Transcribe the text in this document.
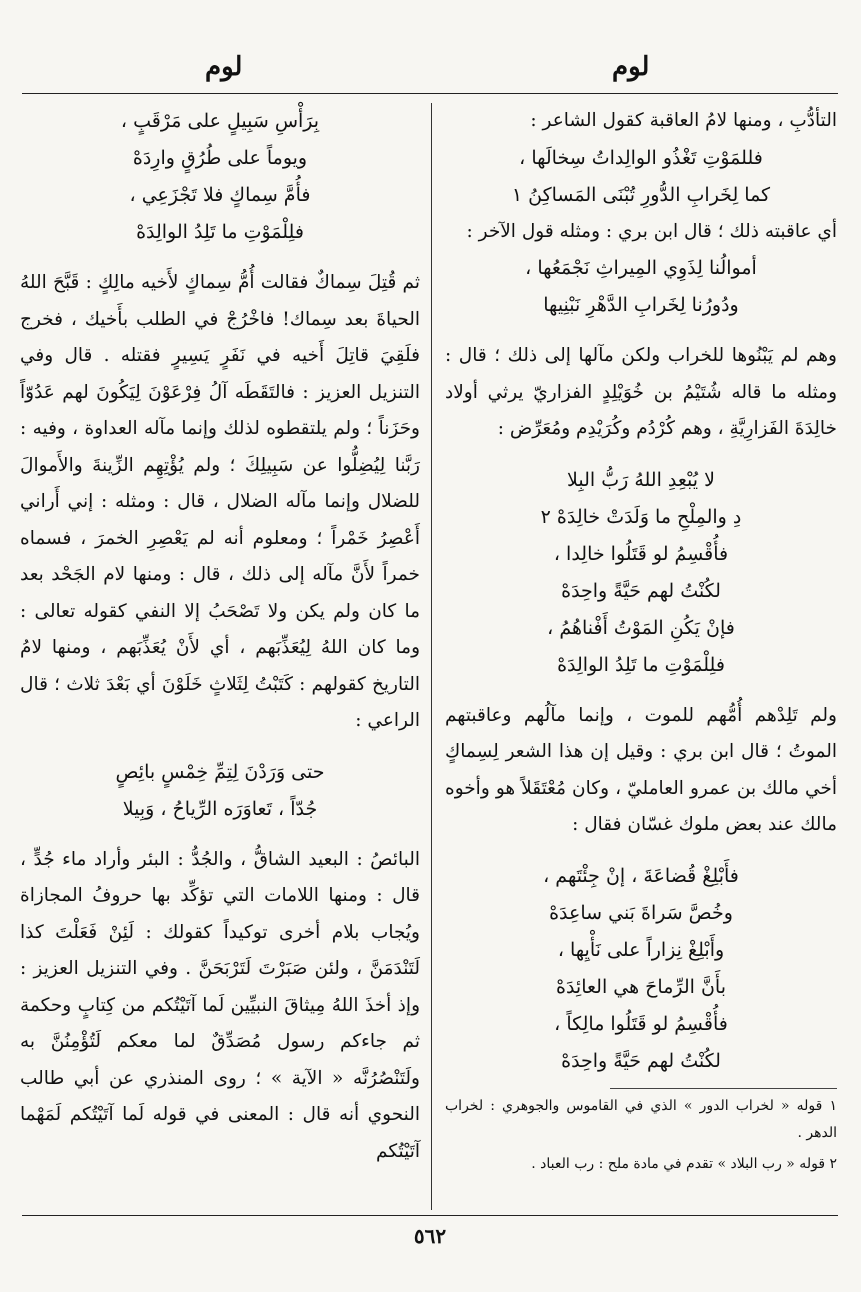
لوم
لوم

التأدُّبِ ، ومنها لامُ العاقبة كقول الشاعر :

فللمَوْتِ تَغْذُو الوالِداتُ سِخالَها ،
كما لِخَرابِ الدُّورِ تُبْنَى المَساكِنُ ١

أي عاقبته ذلك ؛ قال ابن بري : ومثله قول الآخر :

أموالُنا لِذَوِي المِيراثِ نَجْمَعُها ،
ودُورُنا لِخَرابِ الدَّهْرِ نَبْنِيها

وهم لم يَبْنُوها للخراب ولكن مآلها إلى ذلك ؛ قال : ومثله ما قاله شُتَيْمُ بن خُوَيْلِدٍ الفزاريّ يرثي أولاد خالِدَةَ الفَزارِيَّةِ ، وهم كُرْدُم وكُرَيْدِم ومُعَرِّض :

لا يُبْعِدِ اللهُ رَبُّ البِلا
دِ والمِلْحِ ما وَلَدَتْ خالِدَهْ ٢
فأُقْسِمُ لو قَتَلُوا خالِدا ،
لكُنْتُ لهم حَيَّةً واحِدَهْ
فإنْ يَكُنِ المَوْتُ أَفْناهُمُ ،
فلِلْمَوْتِ ما تَلِدُ الوالِدَهْ

ولم تَلِدْهم أُمُّهم للموت ، وإنما مآلُهم وعاقبتهم الموتُ ؛ قال ابن بري : وقيل إن هذا الشعر لِسِماكٍ أخي مالك بن عمرو العامليّ ، وكان مُعْتَقَلاً هو وأخوه مالك عند بعض ملوك غسّان فقال :

فأَبْلِغْ قُضاعَةَ ، إنْ جِئْتَهم ،
وخُصَّ سَراةَ بَني ساعِدَهْ
وأَبْلِغْ نِزاراً على نَأْيِها ،
بأَنَّ الرِّماحَ هي العائِدَهْ
فأُقْسِمُ لو قَتَلُوا مالِكاً ،
لكُنْتُ لهم حَيَّةً واحِدَهْ
١ قوله « لخراب الدور » الذي في القاموس والجوهري : لخراب الدهر .
٢ قوله « رب البلاد » تقدم في مادة ملح : رب العباد .
بِرَأْسِ سَبِيلٍ على مَرْقَبٍ ،
ويوماً على طُرُقٍ وارِدَهْ
فأُمَّ سِماكٍ فلا تَجْزَعِي ،
فلِلْمَوْتِ ما تَلِدُ الوالِدَهْ

ثم قُتِلَ سِماكٌ فقالت أُمُّ سِماكٍ لأَخيه مالِكٍ : قَبَّحَ اللهُ الحياةَ بعد سِماك! فاخْرُجْ في الطلب بأَخيك ، فخرج فلَقِيَ قاتِلَ أَخيه في نَفَرٍ يَسِيرٍ فقتله . قال وفي التنزيل العزيز : فالتَقَطَه آلُ فِرْعَوْنَ لِيَكُونَ لهم عَدُوّاً وحَزَناً ؛ ولم يلتقطوه لذلك وإنما مآله العداوة ، وفيه : رَبَّنا لِيُضِلُّوا عن سَبِيلِكَ ؛ ولم يُؤْتِهِم الزِّينةَ والأَموالَ للضلال وإنما مآله الضلال ، قال : ومثله : إني أَراني أَعْصِرُ خَمْراً ؛ ومعلوم أنه لم يَعْصِرِ الخمرَ ، فسماه خمراً لأَنَّ مآله إلى ذلك ، قال : ومنها لام الجَحْد بعد ما كان ولم يكن ولا تَصْحَبُ إلا النفي كقوله تعالى : وما كان اللهُ لِيُعَذِّبَهم ، أي لأَنْ يُعَذِّبَهم ، ومنها لامُ التاريخ كقولهم : كَتَبْتُ لِثَلاثٍ خَلَوْنَ أي بَعْدَ ثلاث ؛ قال الراعي :

حتى وَرَدْنَ لِتِمِّ خِمْسٍ بائِصٍ
جُدّاً ، تَعاوَرَه الرِّياحُ ، وَبِيلا

البائصُ : البعيد الشاقُّ ، والجُدُّ : البئر وأراد ماء جُدٍّ ، قال : ومنها اللامات التي تؤكِّد بها حروفُ المجازاة ويُجاب بلام أخرى توكيداً كقولك : لَئِنْ فَعَلْتَ كذا لَتَنْدَمَنَّ ، ولئن صَبَرْتَ لَتَرْبَحَنَّ . وفي التنزيل العزيز : وإذ أخذَ اللهُ مِيثاقَ النبيِّين لَما آتَيْتُكم من كِتابٍ وحكمة ثم جاءكم رسول مُصَدِّقٌ لما معكم لَتُؤْمِنُنَّ به ولَتَنْصُرُنَّه « الآية » ؛ روى المنذري عن أبي طالب النحوي أنه قال : المعنى في قوله لَما آتَيْتُكم لَمَهْما آتَيْتُكم

٥٦٢
